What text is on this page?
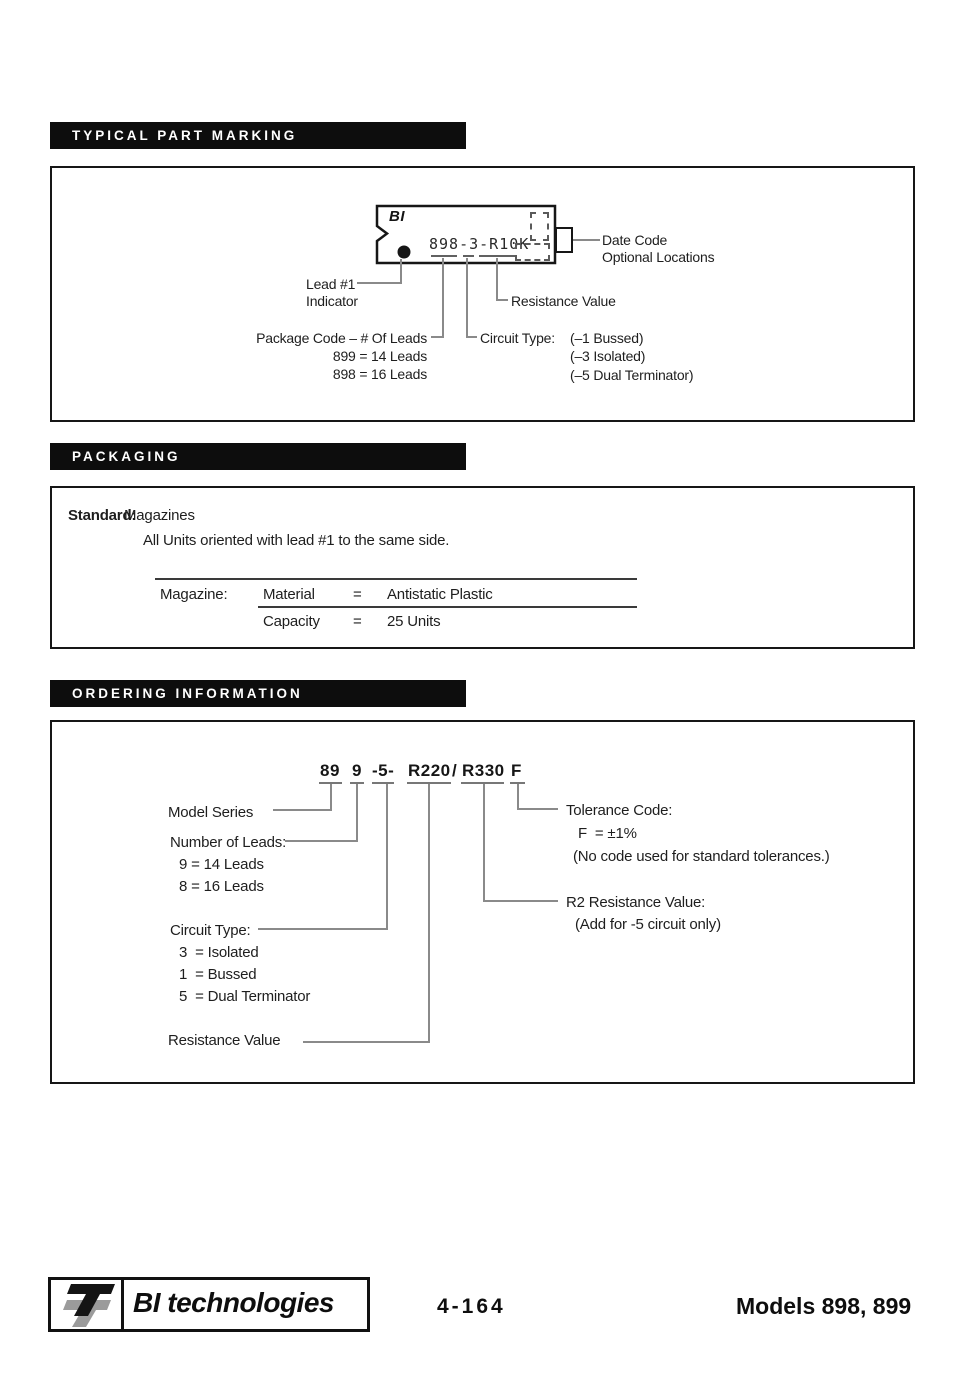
TYPICAL PART MARKING
BI
898-3-R10K	Date Code
Optional Locations
Lead #1
Indicator	Resistance Value
Package Code – # Of Leads
899 = 14 Leads
898 = 16 Leads
Circuit Type: (–1 Bussed)
(–3 Isolated)
(–5 Dual Terminator)
PACKAGING
Standard:
Magazines
All Units oriented with lead #1 to the same side.
Magazine: Material	= Antistatic Plastic
Capacity = 25 Units
ORDERING INFORMATION
89 9 -5- R220 / R330 F
Model Series
Number of Leads:
9 = 14 Leads
8 = 16 Leads
Circuit Type:
3  = Isolated
1  = Bussed
5  = Dual Terminator
Resistance Value
Tolerance Code:
F  = ±1%
(No code used for standard tolerances.)
R2 Resistance Value:
(Add for -5 circuit only)
BI technologies	4-164	Models 898, 899
